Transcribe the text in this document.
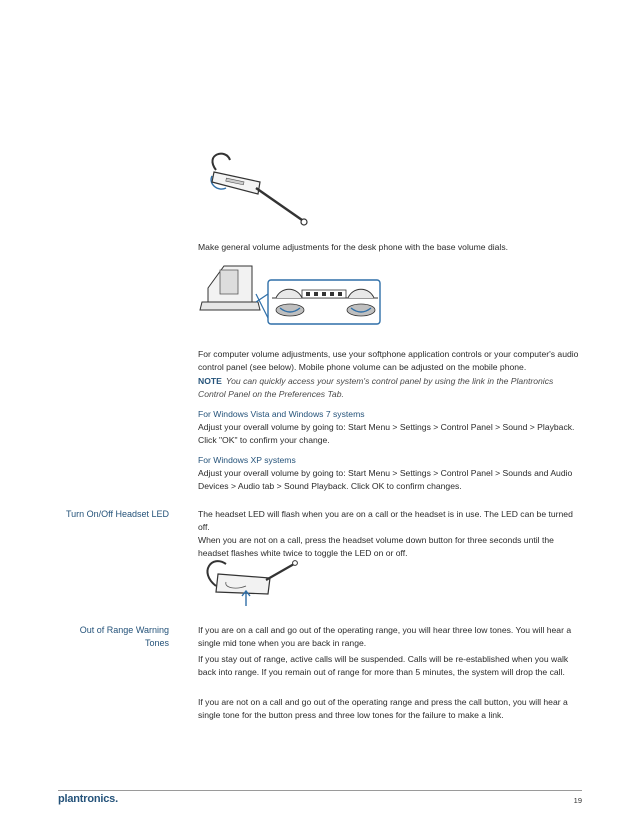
Make general volume adjustments for the desk phone with the base volume dials.

For computer volume adjustments, use your softphone application controls or your computer's audio control panel (see below). Mobile phone volume can be adjusted on the mobile phone.

NOTE You can quickly access your system's control panel by using the link in the Plantronics Control Panel on the Preferences Tab.

For Windows Vista and Windows 7 systems

Adjust your overall volume by going to: Start Menu > Settings > Control Panel > Sound > Playback. Click "OK" to confirm your change.

For Windows XP systems

Adjust your overall volume by going to: Start Menu > Settings > Control Panel > Sounds and Audio Devices > Audio tab > Sound Playback. Click OK to confirm changes.

Turn On/Off Headset LED	The headset LED will flash when you are on a call or the headset is in use. The LED can be turned off.

When you are not on a call, press the headset volume down button for three seconds until the headset flashes white twice to toggle the LED on or off.

Out of Range Warning
Tones

If you are on a call and go out of the operating range, you will hear three low tones. You will hear a single mid tone when you are back in range.

If you stay out of range, active calls will be suspended. Calls will be re-established when you walk back into range. If you remain out of range for more than 5 minutes, the system will drop the call.

If you are not on a call and go out of the operating range and press the call button, you will hear a single tone for the button press and three low tones for the failure to make a link.

plantronics.	19
